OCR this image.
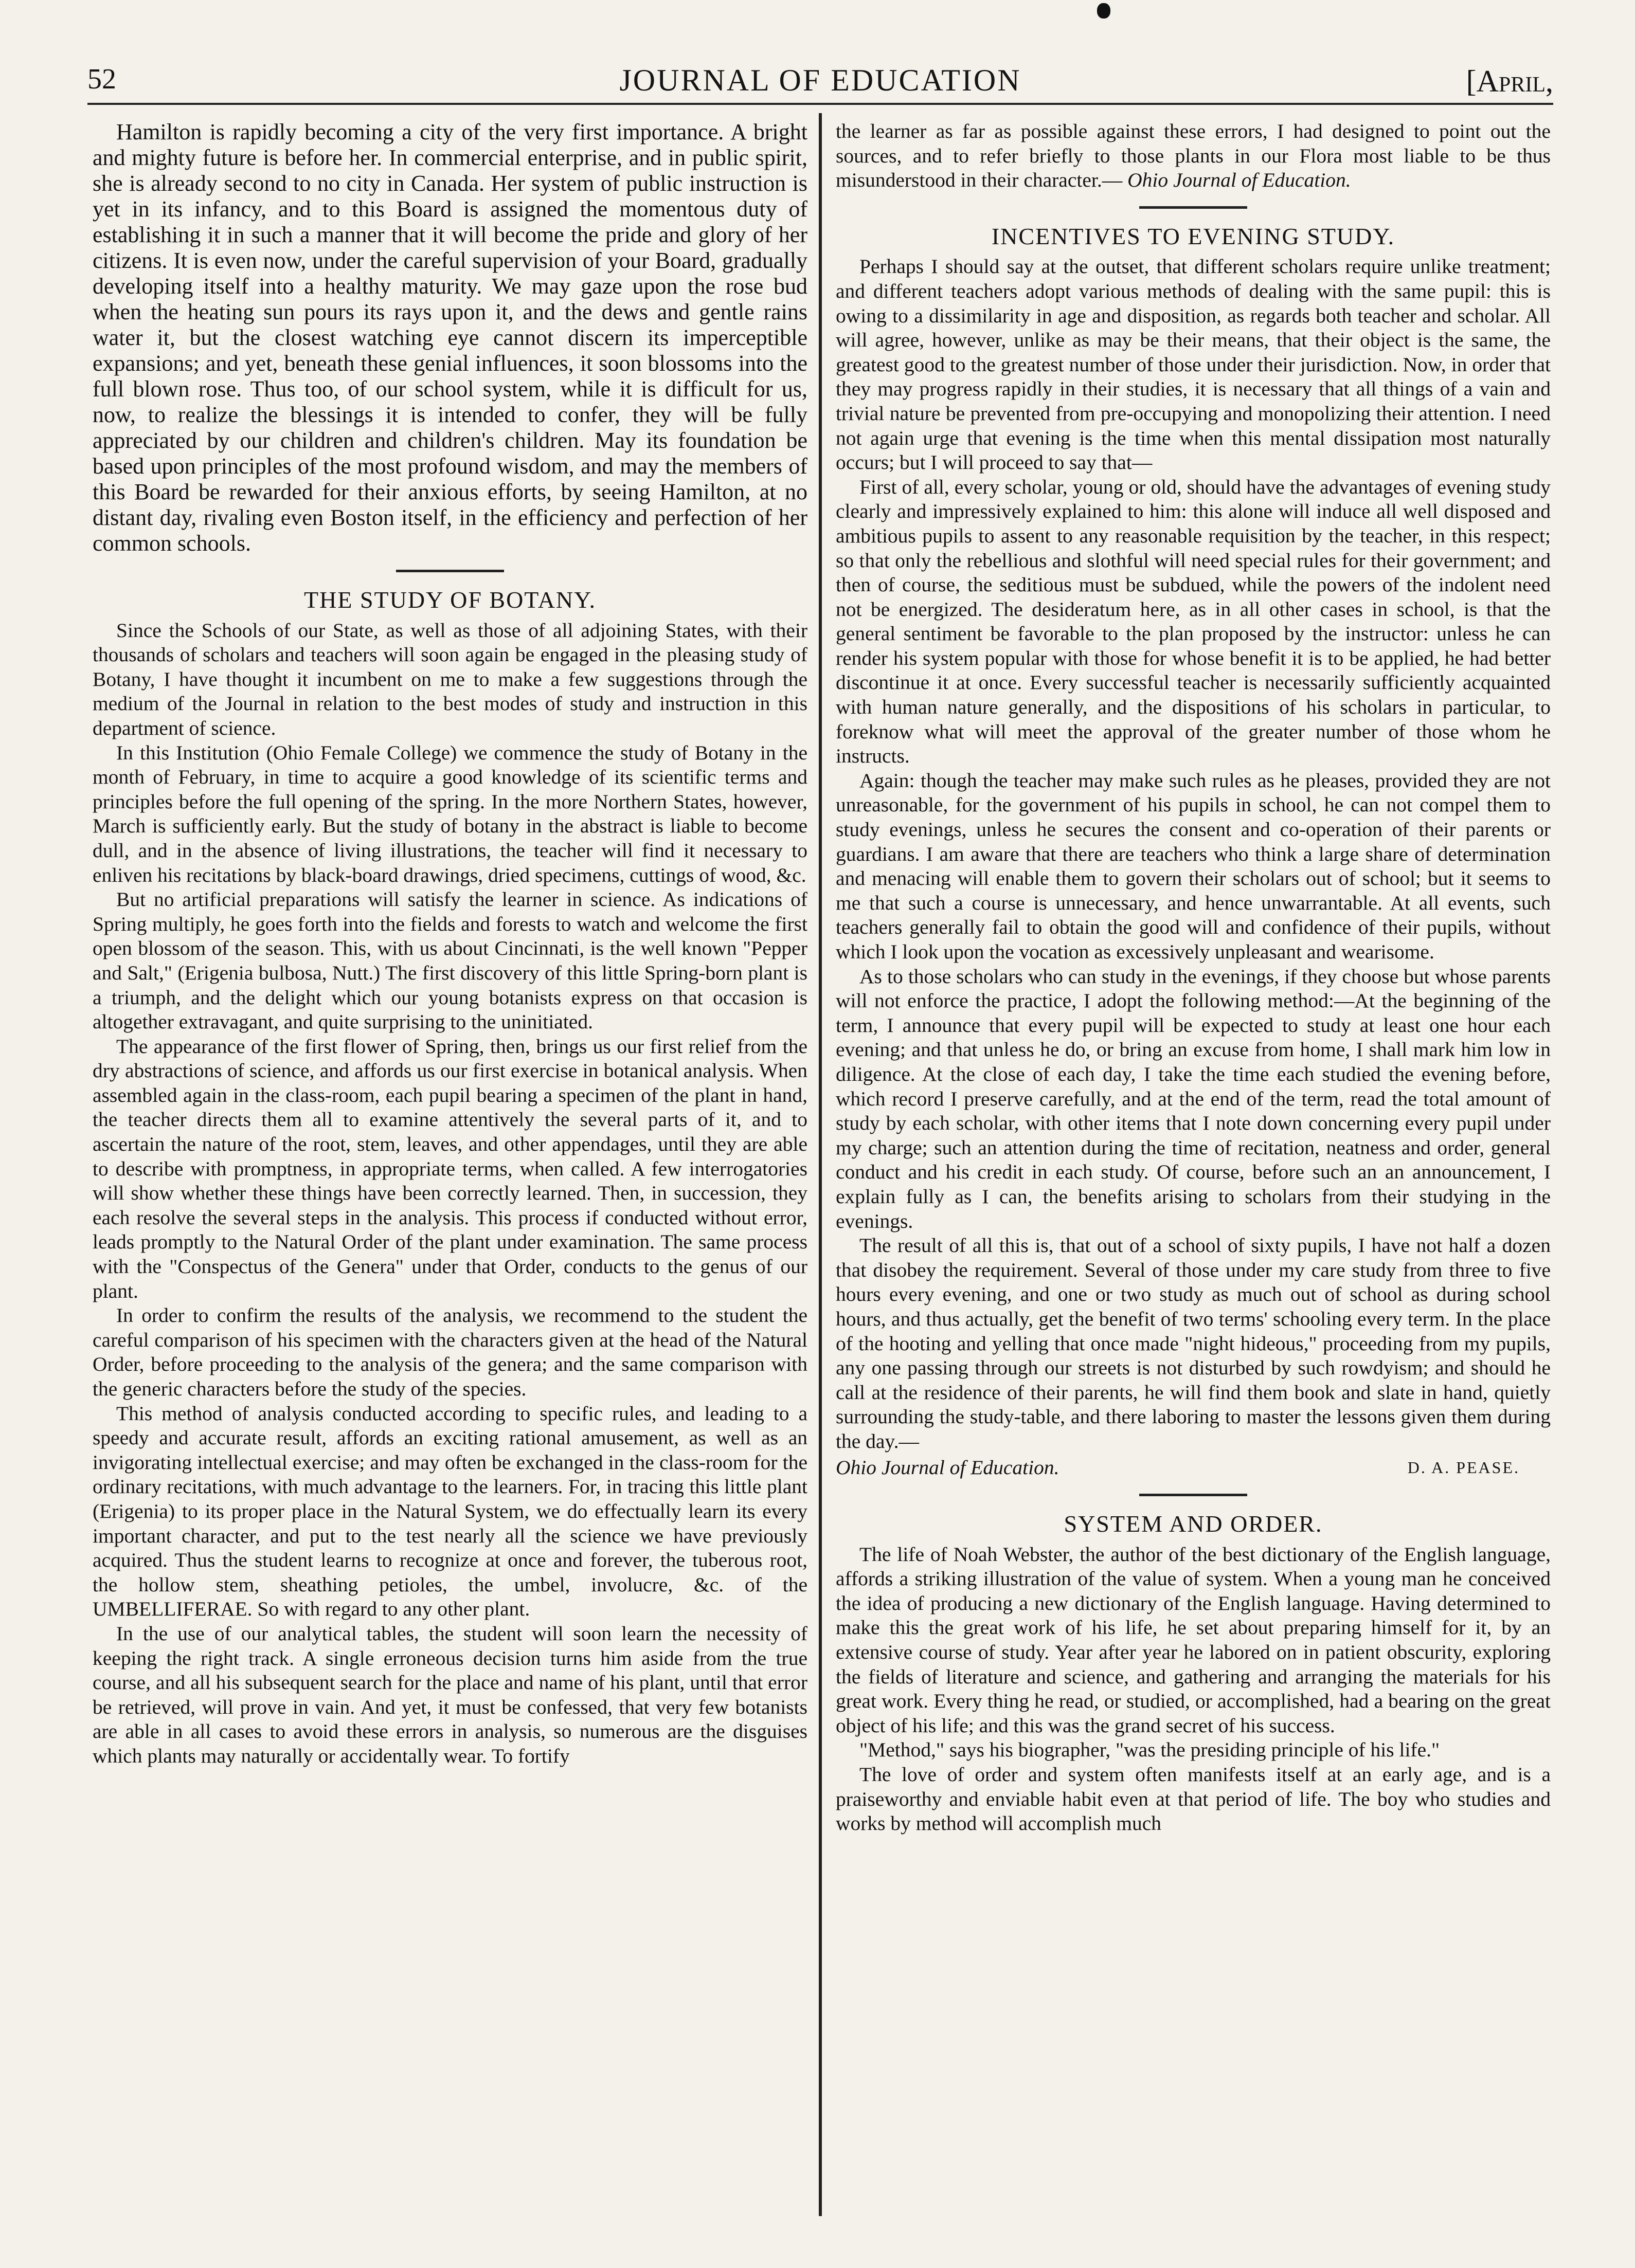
52	JOURNAL OF EDUCATION	[April,

Hamilton is rapidly becoming a city of the very first importance. A bright and mighty future is before her. In commercial enterprise, and in public spirit, she is already second to no city in Canada. Her system of public instruction is yet in its infancy, and to this Board is assigned the momentous duty of establishing it in such a manner that it will become the pride and glory of her citizens. It is even now, under the careful supervision of your Board, gradually developing itself into a healthy maturity. We may gaze upon the rose bud when the heating sun pours its rays upon it, and the dews and gentle rains water it, but the closest watching eye cannot discern its imperceptible expansions; and yet, beneath these genial influences, it soon blossoms into the full blown rose. Thus too, of our school system, while it is difficult for us, now, to realize the blessings it is intended to confer, they will be fully appreciated by our children and children's children. May its foundation be based upon principles of the most profound wisdom, and may the members of this Board be rewarded for their anxious efforts, by seeing Hamilton, at no distant day, rivaling even Boston itself, in the efficiency and perfection of her common schools.

THE STUDY OF BOTANY.

Since the Schools of our State, as well as those of all adjoining States, with their thousands of scholars and teachers will soon again be engaged in the pleasing study of Botany, I have thought it incumbent on me to make a few suggestions through the medium of the Journal in relation to the best modes of study and instruction in this department of science.

In this Institution (Ohio Female College) we commence the study of Botany in the month of February, in time to acquire a good knowledge of its scientific terms and principles before the full opening of the spring. In the more Northern States, however, March is sufficiently early. But the study of botany in the abstract is liable to become dull, and in the absence of living illustrations, the teacher will find it necessary to enliven his recitations by black-board drawings, dried specimens, cuttings of wood, &c.

But no artificial preparations will satisfy the learner in science. As indications of Spring multiply, he goes forth into the fields and forests to watch and welcome the first open blossom of the season. This, with us about Cincinnati, is the well known "Pepper and Salt," (Erigenia bulbosa, Nutt.) The first discovery of this little Spring-born plant is a triumph, and the delight which our young botanists express on that occasion is altogether extravagant, and quite surprising to the uninitiated.

The appearance of the first flower of Spring, then, brings us our first relief from the dry abstractions of science, and affords us our first exercise in botanical analysis. When assembled again in the class-room, each pupil bearing a specimen of the plant in hand, the teacher directs them all to examine attentively the several parts of it, and to ascertain the nature of the root, stem, leaves, and other appendages, until they are able to describe with promptness, in appropriate terms, when called. A few interrogatories will show whether these things have been correctly learned. Then, in succession, they each resolve the several steps in the analysis. This process if conducted without error, leads promptly to the Natural Order of the plant under examination. The same process with the "Conspectus of the Genera" under that Order, conducts to the genus of our plant.

In order to confirm the results of the analysis, we recommend to the student the careful comparison of his specimen with the characters given at the head of the Natural Order, before proceeding to the analysis of the genera; and the same comparison with the generic characters before the study of the species.

This method of analysis conducted according to specific rules, and leading to a speedy and accurate result, affords an exciting rational amusement, as well as an invigorating intellectual exercise; and may often be exchanged in the class-room for the ordinary recitations, with much advantage to the learners. For, in tracing this little plant (Erigenia) to its proper place in the Natural System, we do effectually learn its every important character, and put to the test nearly all the science we have previously acquired. Thus the student learns to recognize at once and forever, the tuberous root, the hollow stem, sheathing petioles, the umbel, involucre, &c. of the UMBELLIFERAE. So with regard to any other plant.

In the use of our analytical tables, the student will soon learn the necessity of keeping the right track. A single erroneous decision turns him aside from the true course, and all his subsequent search for the place and name of his plant, until that error be retrieved, will prove in vain. And yet, it must be confessed, that very few botanists are able in all cases to avoid these errors in analysis, so numerous are the disguises which plants may naturally or accidentally wear. To fortify

the learner as far as possible against these errors, I had designed to point out the sources, and to refer briefly to those plants in our Flora most liable to be thus misunderstood in their character.— Ohio Journal of Education.

INCENTIVES TO EVENING STUDY.

Perhaps I should say at the outset, that different scholars require unlike treatment; and different teachers adopt various methods of dealing with the same pupil: this is owing to a dissimilarity in age and disposition, as regards both teacher and scholar. All will agree, however, unlike as may be their means, that their object is the same, the greatest good to the greatest number of those under their jurisdiction. Now, in order that they may progress rapidly in their studies, it is necessary that all things of a vain and trivial nature be prevented from pre-occupying and monopolizing their attention. I need not again urge that evening is the time when this mental dissipation most naturally occurs; but I will proceed to say that—

First of all, every scholar, young or old, should have the advantages of evening study clearly and impressively explained to him: this alone will induce all well disposed and ambitious pupils to assent to any reasonable requisition by the teacher, in this respect; so that only the rebellious and slothful will need special rules for their government; and then of course, the seditious must be subdued, while the powers of the indolent need not be energized. The desideratum here, as in all other cases in school, is that the general sentiment be favorable to the plan proposed by the instructor: unless he can render his system popular with those for whose benefit it is to be applied, he had better discontinue it at once. Every successful teacher is necessarily sufficiently acquainted with human nature generally, and the dispositions of his scholars in particular, to foreknow what will meet the approval of the greater number of those whom he instructs.

Again: though the teacher may make such rules as he pleases, provided they are not unreasonable, for the government of his pupils in school, he can not compel them to study evenings, unless he secures the consent and co-operation of their parents or guardians. I am aware that there are teachers who think a large share of determination and menacing will enable them to govern their scholars out of school; but it seems to me that such a course is unnecessary, and hence unwarrantable. At all events, such teachers generally fail to obtain the good will and confidence of their pupils, without which I look upon the vocation as excessively unpleasant and wearisome.

As to those scholars who can study in the evenings, if they choose but whose parents will not enforce the practice, I adopt the following method:—At the beginning of the term, I announce that every pupil will be expected to study at least one hour each evening; and that unless he do, or bring an excuse from home, I shall mark him low in diligence. At the close of each day, I take the time each studied the evening before, which record I preserve carefully, and at the end of the term, read the total amount of study by each scholar, with other items that I note down concerning every pupil under my charge; such an attention during the time of recitation, neatness and order, general conduct and his credit in each study. Of course, before such an an announcement, I explain fully as I can, the benefits arising to scholars from their studying in the evenings.

The result of all this is, that out of a school of sixty pupils, I have not half a dozen that disobey the requirement. Several of those under my care study from three to five hours every evening, and one or two study as much out of school as during school hours, and thus actually, get the benefit of two terms' schooling every term. In the place of the hooting and yelling that once made "night hideous," proceeding from my pupils, any one passing through our streets is not disturbed by such rowdyism; and should he call at the residence of their parents, he will find them book and slate in hand, quietly surrounding the study-table, and there laboring to master the lessons given them during the day.—

Ohio Journal of Education.	D. A. PEASE.
SYSTEM AND ORDER.

The life of Noah Webster, the author of the best dictionary of the English language, affords a striking illustration of the value of system. When a young man he conceived the idea of producing a new dictionary of the English language. Having determined to make this the great work of his life, he set about preparing himself for it, by an extensive course of study. Year after year he labored on in patient obscurity, exploring the fields of literature and science, and gathering and arranging the materials for his great work. Every thing he read, or studied, or accomplished, had a bearing on the great object of his life; and this was the grand secret of his success.

"Method," says his biographer, "was the presiding principle of his life."

The love of order and system often manifests itself at an early age, and is a praiseworthy and enviable habit even at that period of life. The boy who studies and works by method will accomplish much
